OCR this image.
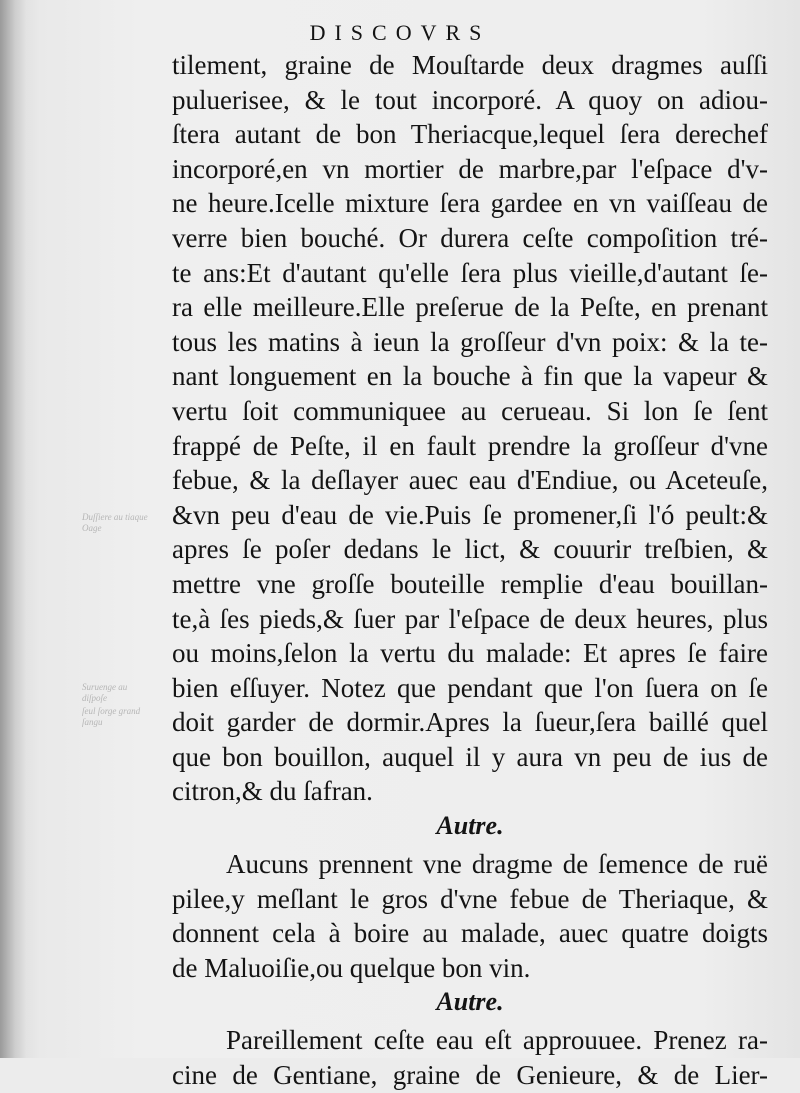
DISCOVRS
Duſſiere au tiaque Oage
Suruenge au diſpoſe
ſeul ſorge grand ſangu
tilement, graine de Mouſtarde deux dragmes auſſi
puluerisee, & le tout incorporé. A quoy on adiou-
ſtera autant de bon Theriacque,lequel ſera derechef
incorporé,en vn mortier de marbre,par l'eſpace d'v-
ne heure.Icelle mixture ſera gardee en vn vaiſſeau de
verre bien bouché. Or durera ceſte compoſition tré-
te ans:Et d'autant qu'elle ſera plus vieille,d'autant ſe-
ra elle meilleure.Elle preſerue de la Peſte, en prenant
tous les matins à ieun la groſſeur d'vn poix: & la te-
nant longuement en la bouche à fin que la vapeur &
vertu ſoit communiquee au cerueau. Si lon ſe ſent
frappé de Peſte, il en fault prendre la groſſeur d'vne
febue, & la deſlayer auec eau d'Endiue, ou Aceteuſe,
&vn peu d'eau de vie.Puis ſe promener,ſi l'ó peult:&
apres ſe poſer dedans le lict, & couurir treſbien, &
mettre vne groſſe bouteille remplie d'eau bouillan-
te,à ſes pieds,& ſuer par l'eſpace de deux heures, plus
ou moins,ſelon la vertu du malade: Et apres ſe faire
bien eſſuyer. Notez que pendant que l'on ſuera on ſe
doit garder de dormir.Apres la ſueur,ſera baillé quel
que bon bouillon, auquel il y aura vn peu de ius de
citron,& du ſafran.
Autre.
Aucuns prennent vne dragme de ſemence de ruë
pilee,y meſlant le gros d'vne febue de Theriaque, &
donnent cela à boire au malade, auec quatre doigts
de Maluoiſie,ou quelque bon vin.
Autre.
Pareillement ceſte eau eſt approuuee. Prenez ra-
cine de Gentiane, graine de Genieure, & de Lier-
